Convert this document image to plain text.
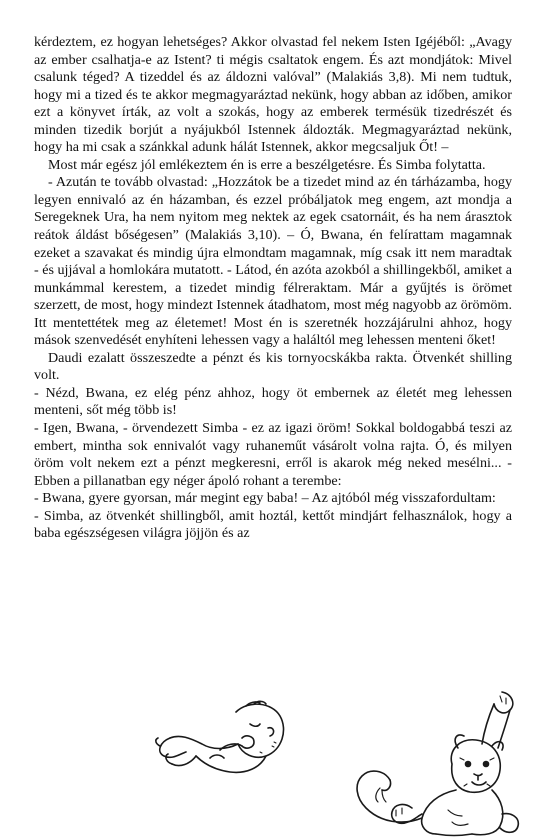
kérdeztem, ez hogyan lehetséges? Akkor olvastad fel nekem Isten Igéjéből: „Avagy az ember csalhatja-e az Istent? ti mégis csaltatok engem. És azt mondjátok: Mivel csalunk téged? A tizeddel és az áldozni valóval” (Malakiás 3,8). Mi nem tudtuk, hogy mi a tized és te akkor megmagyaráztad nekünk, hogy abban az időben, amikor ezt a könyvet írták, az volt a szokás, hogy az emberek termésük tizedrészét és minden tizedik borjút a nyájukból Istennek áldozták. Megmagyaráztad nekünk, hogy ha mi csak a szánkkal adunk hálát Istennek, akkor megcsaljuk Őt! –

Most már egész jól emlékeztem én is erre a beszélgetésre. És Simba folytatta.

- Azután te tovább olvastad: „Hozzátok be a tizedet mind az én tárházamba, hogy legyen ennivaló az én házamban, és ezzel próbáljatok meg engem, azt mondja a Seregeknek Ura, ha nem nyitom meg nektek az egek csatornáit, és ha nem árasztok reátok áldást bőségesen” (Malakiás 3,10). – Ó, Bwana, én felírattam magamnak ezeket a szavakat és mindig újra elmondtam magamnak, míg csak itt nem maradtak - és ujjával a homlokára mutatott. - Látod, én azóta azokból a shillingekből, amiket a munkámmal kerestem, a tizedet mindig félreraktam. Már a gyűjtés is örömet szerzett, de most, hogy mindezt Istennek átadhatom, most még nagyobb az örömöm. Itt mentettétek meg az életemet! Most én is szeretnék hozzájárulni ahhoz, hogy mások szenvedését enyhíteni lehessen vagy a haláltól meg lehessen menteni őket!

Daudi ezalatt összeszedte a pénzt és kis tornyocskákba rakta. Ötvenkét shilling volt.

- Nézd, Bwana, ez elég pénz ahhoz, hogy öt embernek az életét meg lehessen menteni, sőt még több is!

- Igen, Bwana, - örvendezett Simba - ez az igazi öröm! Sokkal boldogabbá teszi az embert, mintha sok ennivalót vagy ruhaneműt vásárolt volna rajta. Ó, és milyen öröm volt nekem ezt a pénzt megkeresni, erről is akarok még neked mesélni... - Ebben a pillanatban egy néger ápoló rohant a terembe:

- Bwana, gyere gyorsan, már megint egy baba! – Az ajtóból még visszafordultam:

- Simba, az ötvenkét shillingből, amit hoztál, kettőt mindjárt felhasználok, hogy a baba egészségesen világra jöjjön és az
